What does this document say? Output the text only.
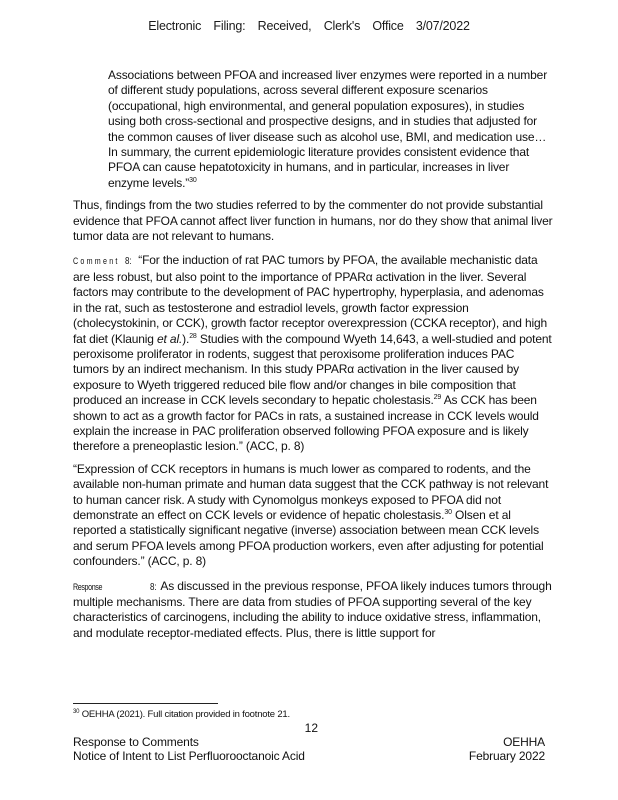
Electronic Filing: Received, Clerk's Office 3/07/2022

Associations between PFOA and increased liver enzymes were reported in a number of different study populations, across several different exposure scenarios (occupational, high environmental, and general population exposures), in studies using both cross-sectional and prospective designs, and in studies that adjusted for the common causes of liver disease such as alcohol use, BMI, and medication use… In summary, the current epidemiologic literature provides consistent evidence that PFOA can cause hepatotoxicity in humans, and in particular, increases in liver enzyme levels.”$^{30}$

Thus, findings from the two studies referred to by the commenter do not provide substantial evidence that PFOA cannot affect liver function in humans, nor do they show that animal liver tumor data are not relevant to humans.

Comment 8: “For the induction of rat PAC tumors by PFOA, the available mechanistic data are less robust, but also point to the importance of PPARα activation in the liver. Several factors may contribute to the development of PAC hypertrophy, hyperplasia, and adenomas in the rat, such as testosterone and estradiol levels, growth factor expression (cholecystokinin, or CCK), growth factor receptor overexpression (CCKA receptor), and high fat diet (Klaunig et al.).$^{28}$ Studies with the compound Wyeth 14,643, a well-studied and potent peroxisome proliferator in rodents, suggest that peroxisome proliferation induces PAC tumors by an indirect mechanism. In this study PPARα activation in the liver caused by exposure to Wyeth triggered reduced bile flow and/or changes in bile composition that produced an increase in CCK levels secondary to hepatic cholestasis.$^{29}$ As CCK has been shown to act as a growth factor for PACs in rats, a sustained increase in CCK levels would explain the increase in PAC proliferation observed following PFOA exposure and is likely therefore a preneoplastic lesion.” (ACC, p. 8)

“Expression of CCK receptors in humans is much lower as compared to rodents, and the available non-human primate and human data suggest that the CCK pathway is not relevant to human cancer risk. A study with Cynomolgus monkeys exposed to PFOA did not demonstrate an effect on CCK levels or evidence of hepatic cholestasis.$^{30}$ Olsen et al reported a statistically significant negative (inverse) association between mean CCK levels and serum PFOA levels among PFOA production workers, even after adjusting for potential confounders.” (ACC, p. 8)

Response	8: As discussed in the previous response, PFOA likely induces tumors through multiple mechanisms. There are data from studies of PFOA supporting several of the key characteristics of carcinogens, including the ability to induce oxidative stress, inflammation, and modulate receptor-mediated effects. Plus, there is little support for

$^{30}$ OEHHA (2021). Full citation provided in footnote 21.
12
Response to Comments	OEHHA
Notice of Intent to List Perfluorooctanoic Acid	February 2022
